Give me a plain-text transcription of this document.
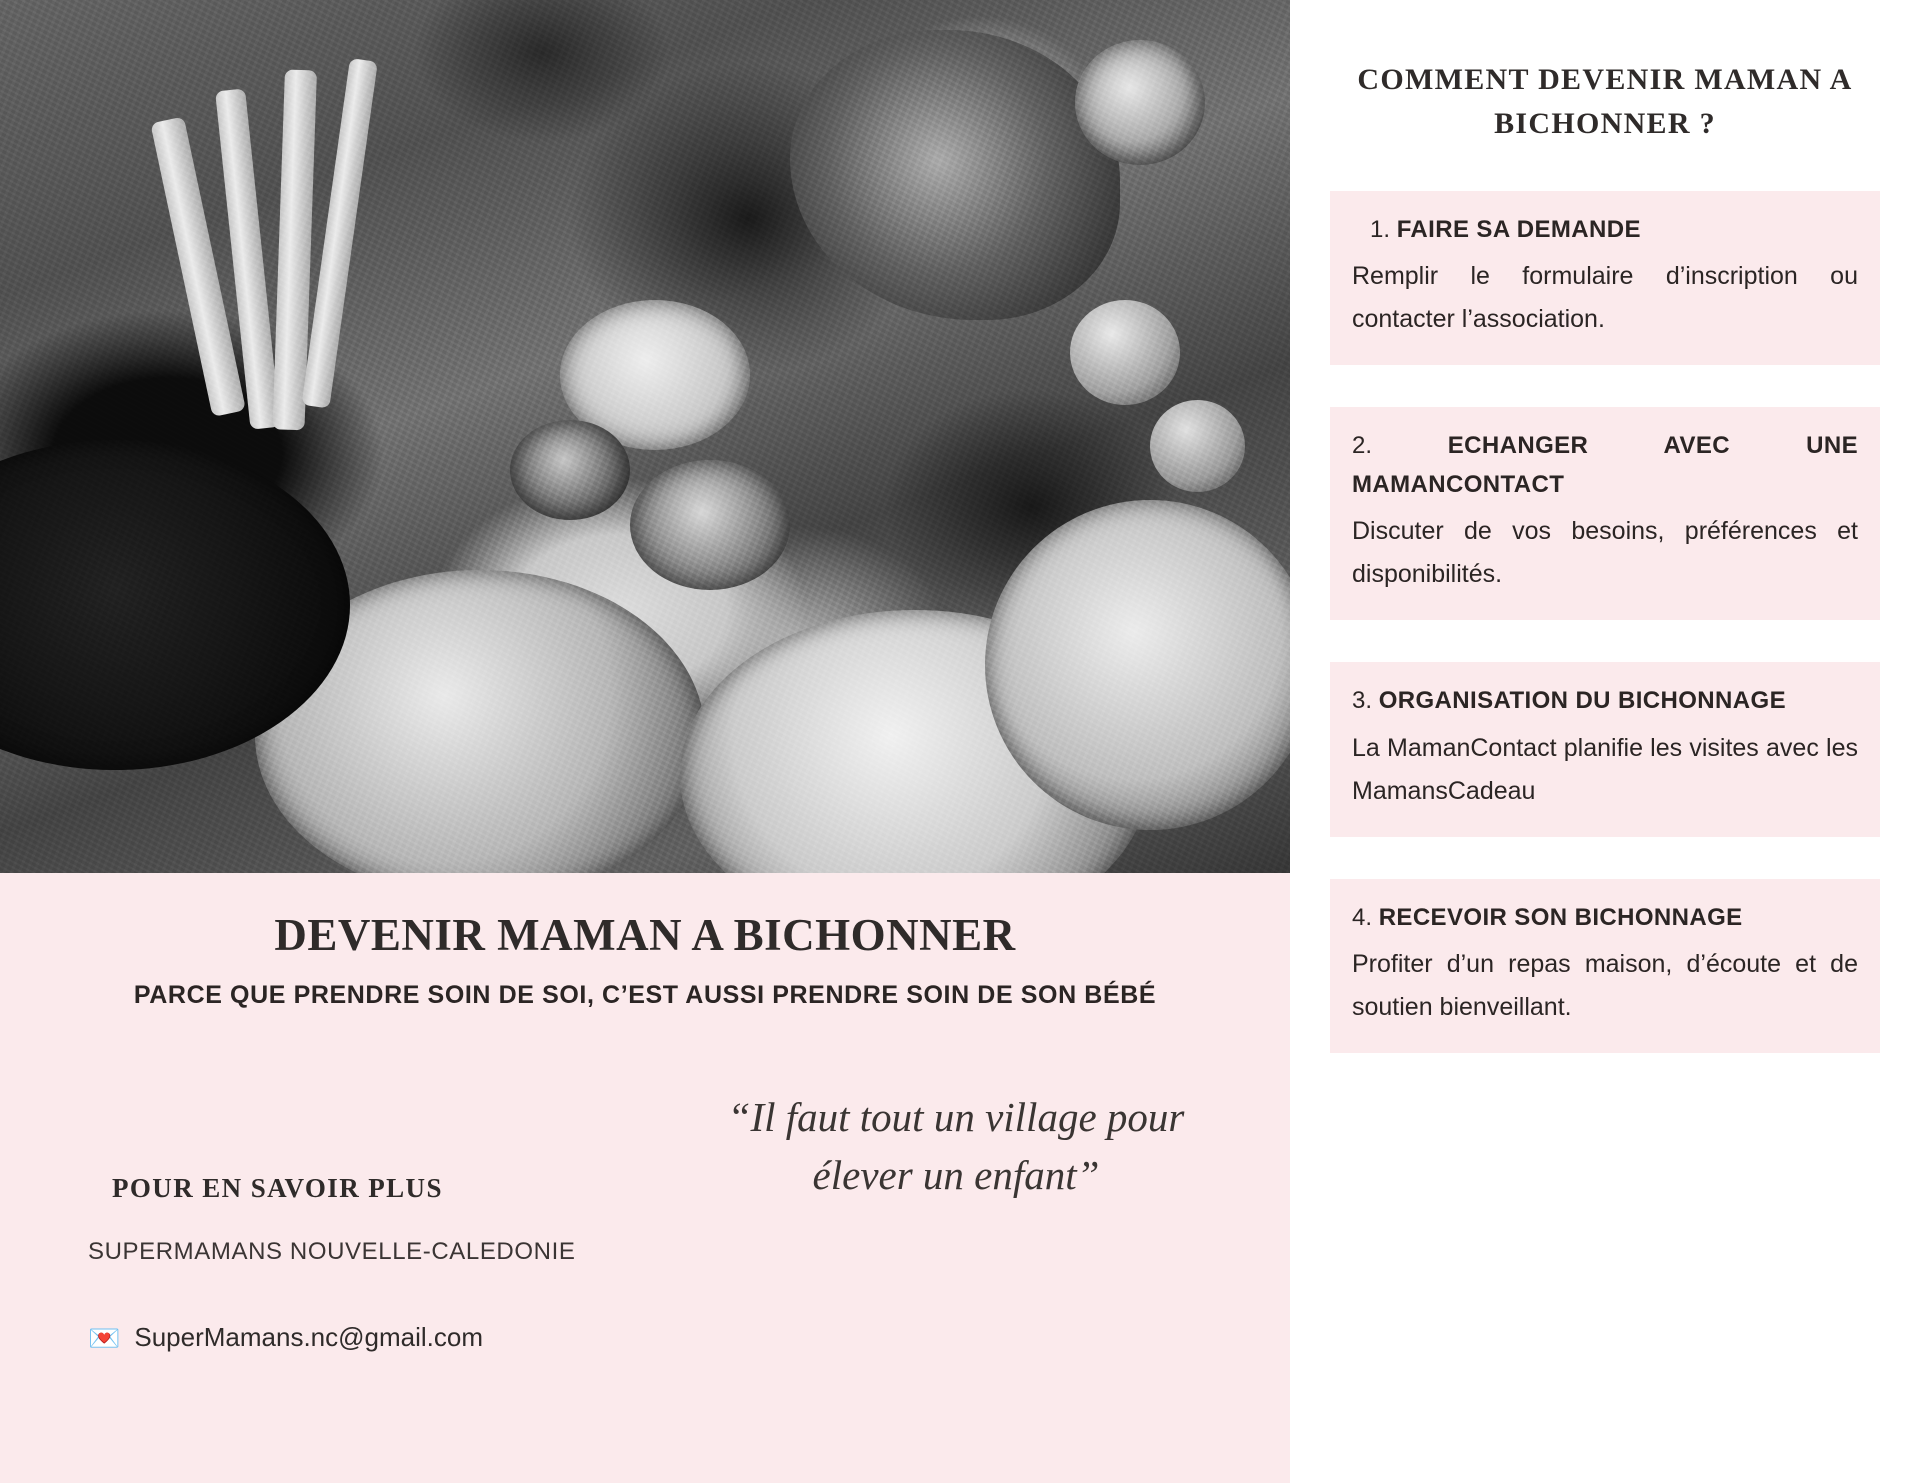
DEVENIR MAMAN A BICHONNER
PARCE QUE PRENDRE SOIN DE SOI, C’EST AUSSI PRENDRE SOIN DE SON BÉBÉ
“Il faut tout un village pour élever un enfant”
POUR EN SAVOIR PLUS
SUPERMAMANS NOUVELLE-CALEDONIE
💌 SuperMamans.nc@gmail.com
COMMENT DEVENIR MAMAN A BICHONNER ?

1. FAIRE SA DEMANDE

Remplir le formulaire d’inscription ou contacter l’association.

2.	ECHANGER AVEC UNE MAMANCONTACT

Discuter de vos besoins, préférences et disponibilités.

3. ORGANISATION DU BICHONNAGE

La MamanContact planifie les visites avec les MamansCadeau

4. RECEVOIR SON BICHONNAGE

Profiter d’un repas maison, d’écoute et de soutien bienveillant.
